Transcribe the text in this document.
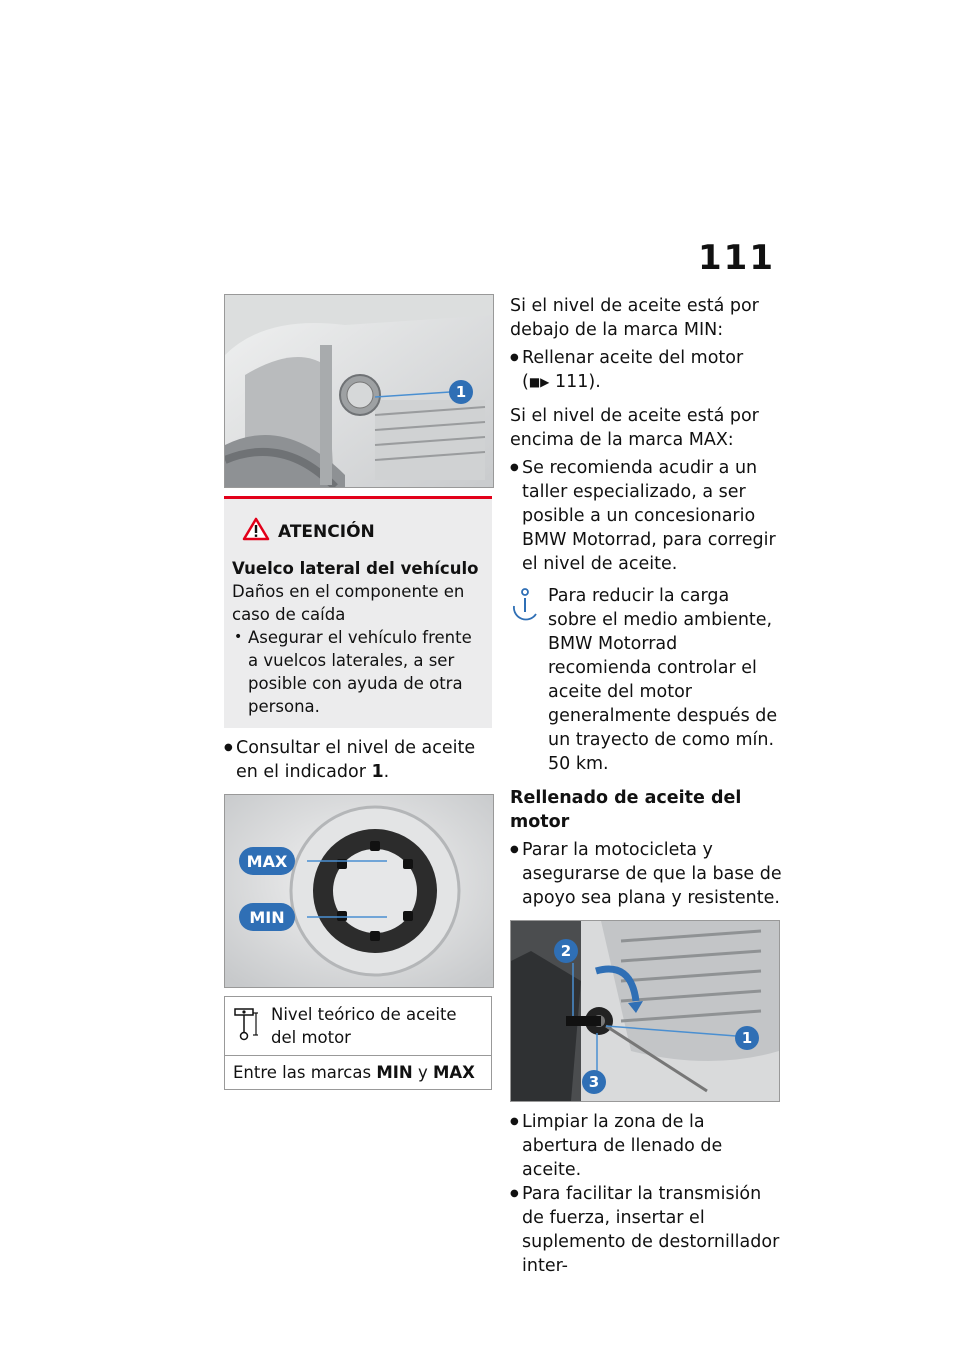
111
1
ATENCIÓN
Vuelco lateral del vehículo
Daños en el componente en caso de caída
• Asegurar el vehículo frente a vuelcos laterales, a ser posible con ayuda de otra persona.
● Consultar el nivel de aceite en el indicador 1.
MAX
MIN
Nivel teórico de aceite del motor
Entre las marcas MIN y MAX
Si el nivel de aceite está por debajo de la marca MIN:
● Rellenar aceite del motor
(■▶ 111).
Si el nivel de aceite está por encima de la marca MAX:
● Se recomienda acudir a un taller especializado, a ser posible a un concesionario BMW Motorrad, para corregir el nivel de aceite.
Para reducir la carga sobre el medio ambiente, BMW Motorrad recomienda controlar el aceite del motor generalmente después de un trayecto de como mín. 50 km.
Rellenado de aceite del motor
● Parar la motocicleta y asegurarse de que la base de apoyo sea plana y resistente.
1
2
3
● Limpiar la zona de la abertura de llenado de aceite.
● Para facilitar la transmisión de fuerza, insertar el suplemento de destornillador inter-
